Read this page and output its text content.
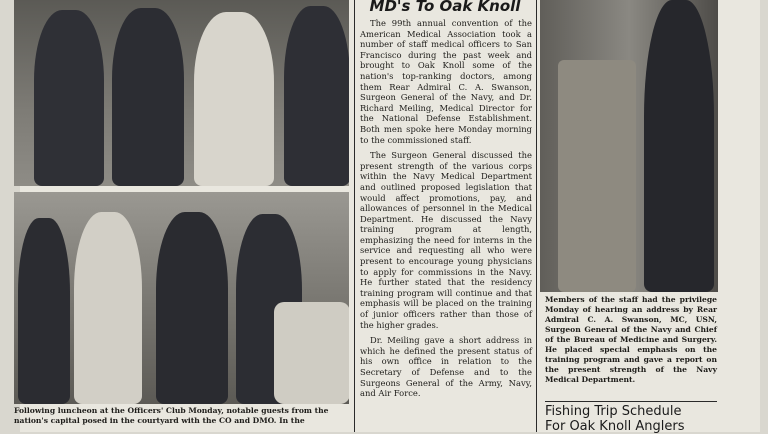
MD's To Oak Knoll

The 99th annual convention of the American Medical Association took a number of staff medical officers to San Francisco during the past week and brought to Oak Knoll some of the nation's top-ranking doctors, among them Rear Admiral C. A. Swanson, Surgeon General of the Navy, and Dr. Richard Meiling, Medical Director for the National Defense Establishment. Both men spoke here Monday morning to the commissioned staff.

The Surgeon General discussed the present strength of the various corps within the Navy Medical Department and outlined proposed legislation that would affect promotions, pay, and allowances of personnel in the Medical Department. He discussed the Navy training program at length, emphasizing the need for interns in the service and requesting all who were present to encourage young physicians to apply for commissions in the Navy. He further stated that the residency training program will continue and that emphasis will be placed on the training of junior officers rather than those of the higher grades.

Dr. Meiling gave a short address in which he defined the present status of his own office in relation to the Secretary of Defense and to the Surgeons General of the Army, Navy, and Air Force.

Following luncheon at the Officers' Club Monday, notable guests from the nation's capital posed in the courtyard with the CO and DMO. In the
Members of the staff had the privilege Monday of hearing an address by Rear Admiral C. A. Swanson, MC, USN, Surgeon General of the Navy and Chief of the Bureau of Medicine and Surgery. He placed special emphasis on the training program and gave a report on the present strength of the Navy Medical Department.
Fishing Trip Schedule
For Oak Knoll Anglers
